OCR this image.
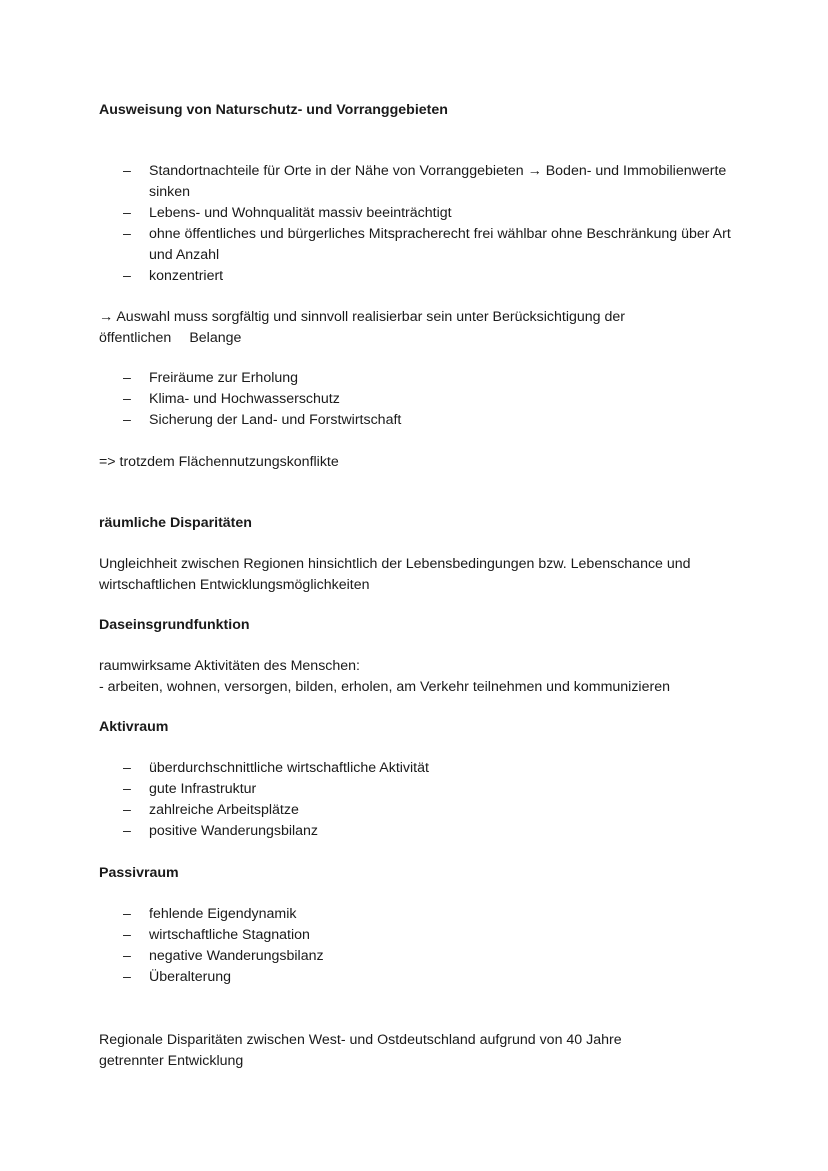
Ausweisung von Naturschutz- und Vorranggebieten
– Standortnachteile für Orte in der Nähe von Vorranggebieten → Boden- und Immobilienwerte sinken
– Lebens- und Wohnqualität massiv beeinträchtigt
– ohne öffentliches und bürgerliches Mitspracherecht frei wählbar ohne Beschränkung über Art und Anzahl
– konzentriert
→ Auswahl muss sorgfältig und sinnvoll realisierbar sein unter Berücksichtigung der
öffentlichen Belange
– Freiräume zur Erholung
– Klima- und Hochwasserschutz
– Sicherung der Land- und Forstwirtschaft
=> trotzdem Flächennutzungskonflikte
räumliche Disparitäten
Ungleichheit zwischen Regionen hinsichtlich der Lebensbedingungen bzw. Lebenschance und wirtschaftlichen Entwicklungsmöglichkeiten
Daseinsgrundfunktion
raumwirksame Aktivitäten des Menschen:
- arbeiten, wohnen, versorgen, bilden, erholen, am Verkehr teilnehmen und kommunizieren
Aktivraum
– überdurchschnittliche wirtschaftliche Aktivität
– gute Infrastruktur
– zahlreiche Arbeitsplätze
– positive Wanderungsbilanz
Passivraum
– fehlende Eigendynamik
– wirtschaftliche Stagnation
– negative Wanderungsbilanz
– Überalterung
Regionale Disparitäten zwischen West- und Ostdeutschland aufgrund von 40 Jahre getrennter Entwicklung
